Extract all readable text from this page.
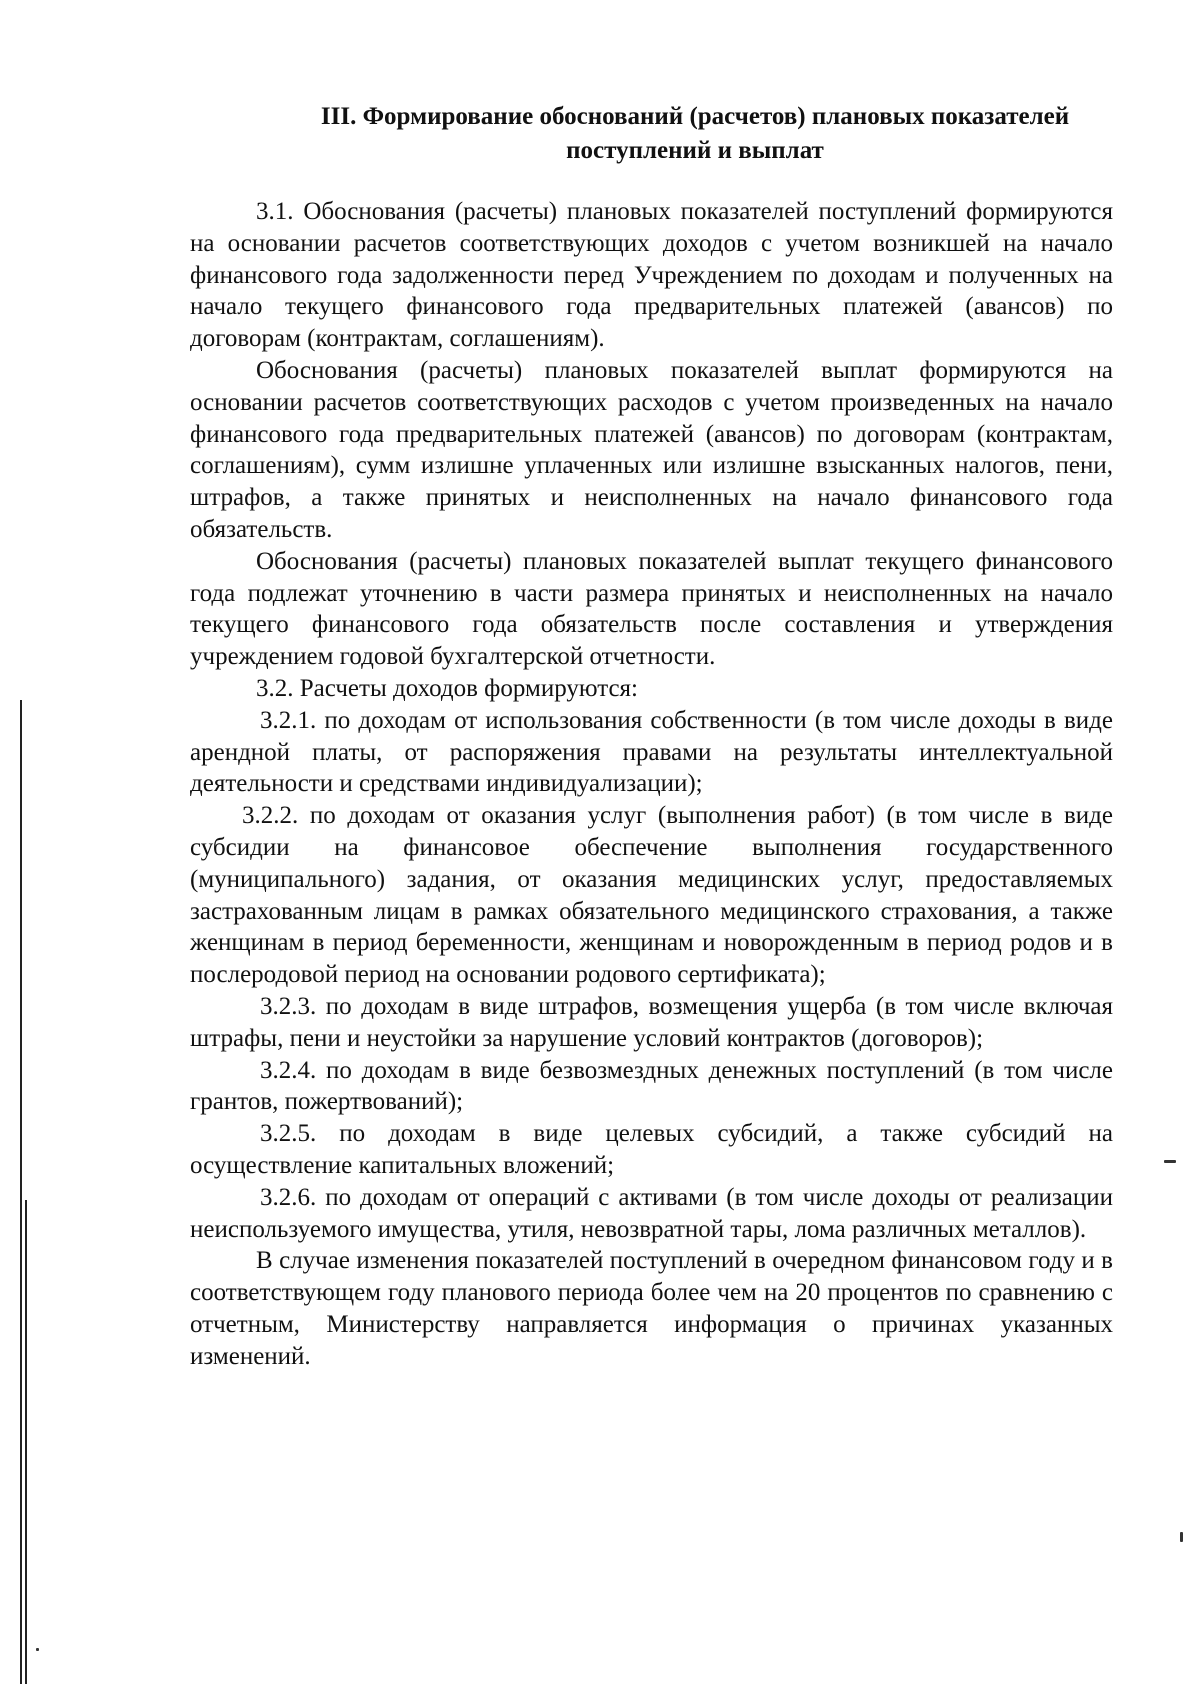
III. Формирование обоснований (расчетов) плановых показателей
поступлений и выплат

3.1. Обоснования (расчеты) плановых показателей поступлений формируются на основании расчетов соответствующих доходов с учетом возникшей на начало финансового года задолженности перед Учреждением по доходам и полученных на начало текущего финансового года предварительных платежей (авансов) по договорам (контрактам, соглашениям).

Обоснования (расчеты) плановых показателей выплат формируются на основании расчетов соответствующих расходов с учетом произведенных на начало финансового года предварительных платежей (авансов) по договорам (контрактам, соглашениям), сумм излишне уплаченных или излишне взысканных налогов, пени, штрафов, а также принятых и неисполненных на начало финансового года обязательств.

Обоснования (расчеты) плановых показателей выплат текущего финансового года подлежат уточнению в части размера принятых и неисполненных на начало текущего финансового года обязательств после составления и утверждения учреждением годовой бухгалтерской отчетности.

3.2. Расчеты доходов формируются:

3.2.1. по доходам от использования собственности (в том числе доходы в виде арендной платы, от распоряжения правами на результаты интеллектуальной деятельности и средствами индивидуализации);

3.2.2. по доходам от оказания услуг (выполнения работ) (в том числе в виде субсидии на финансовое обеспечение выполнения государственного (муниципального) задания, от оказания медицинских услуг, предоставляемых застрахованным лицам в рамках обязательного медицинского страхования, а также женщинам в период беременности, женщинам и новорожденным в период родов и в послеродовой период на основании родового сертификата);

3.2.3. по доходам в виде штрафов, возмещения ущерба (в том числе включая штрафы, пени и неустойки за нарушение условий контрактов (договоров);

3.2.4. по доходам в виде безвозмездных денежных поступлений (в том числе грантов, пожертвований);

3.2.5. по доходам в виде целевых субсидий, а также субсидий на осуществление капитальных вложений;

3.2.6. по доходам от операций с активами (в том числе доходы от реализации неиспользуемого имущества, утиля, невозвратной тары, лома различных металлов).

В случае изменения показателей поступлений в очередном финансовом году и в соответствующем году планового периода более чем на 20 процентов по сравнению с отчетным, Министерству направляется информация о причинах указанных изменений.
